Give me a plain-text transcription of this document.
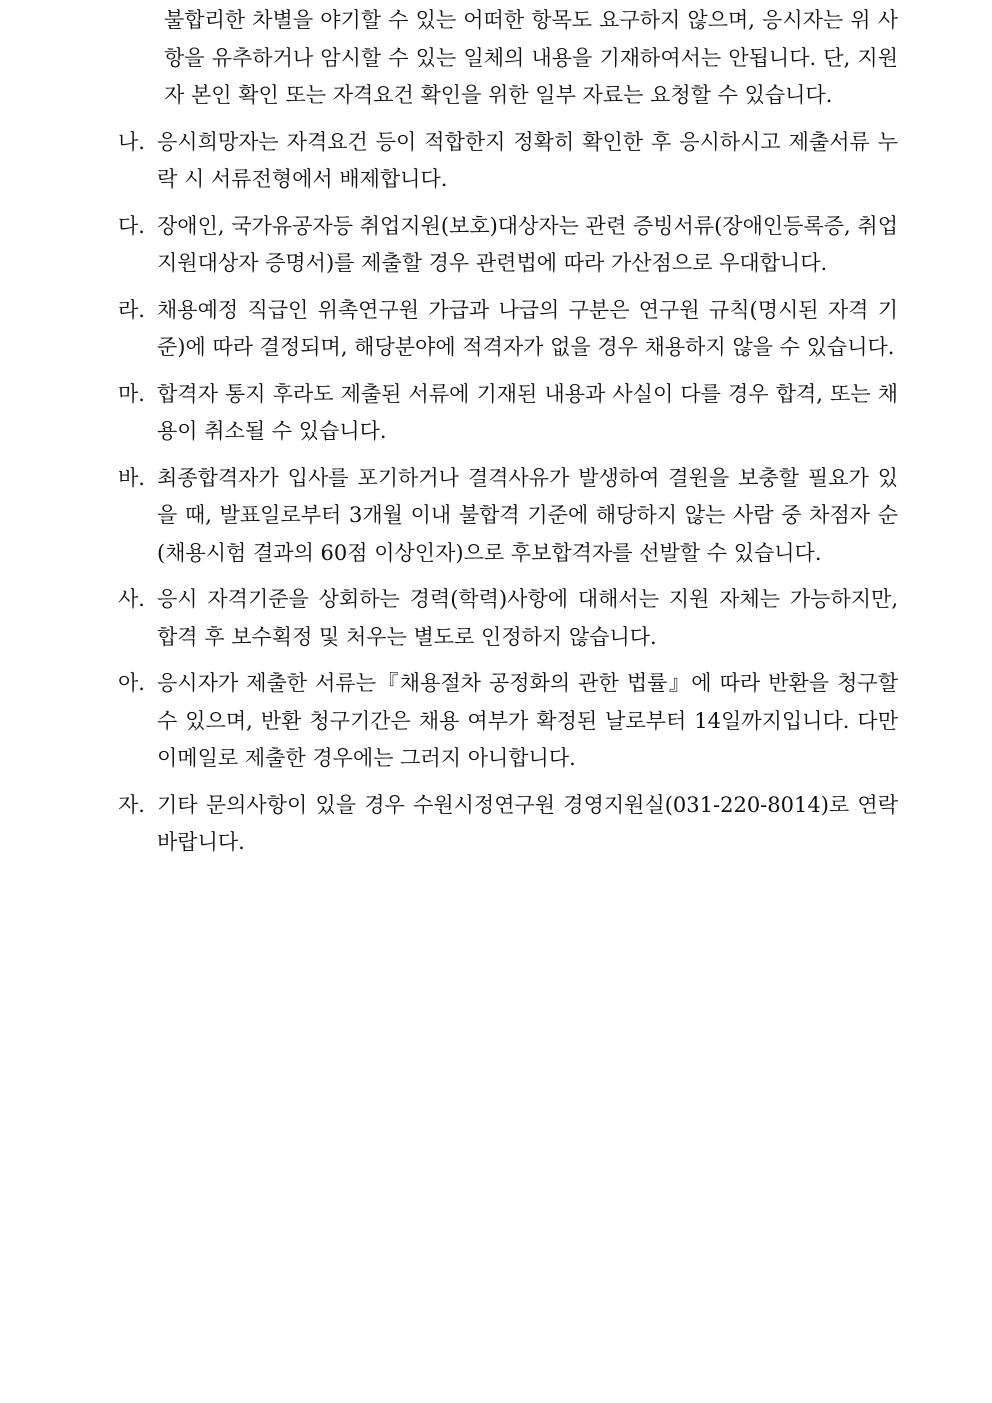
불합리한 차별을 야기할 수 있는 어떠한 항목도 요구하지 않으며, 응시자는 위 사항을 유추하거나 암시할 수 있는 일체의 내용을 기재하여서는 안됩니다. 단, 지원자 본인 확인 또는 자격요건 확인을 위한 일부 자료는 요청할 수 있습니다.
나. 응시희망자는 자격요건 등이 적합한지 정확히 확인한 후 응시하시고 제출서류 누락 시 서류전형에서 배제합니다.
다. 장애인, 국가유공자등 취업지원(보호)대상자는 관련 증빙서류(장애인등록증, 취업지원대상자 증명서)를 제출할 경우 관련법에 따라 가산점으로 우대합니다.
라. 채용예정 직급인 위촉연구원 가급과 나급의 구분은 연구원 규칙(명시된 자격 기준)에 따라 결정되며, 해당분야에 적격자가 없을 경우 채용하지 않을 수 있습니다.
마. 합격자 통지 후라도 제출된 서류에 기재된 내용과 사실이 다를 경우 합격, 또는 채용이 취소될 수 있습니다.
바. 최종합격자가 입사를 포기하거나 결격사유가 발생하여 결원을 보충할 필요가 있을 때, 발표일로부터 3개월 이내 불합격 기준에 해당하지 않는 사람 중 차점자 순(채용시험 결과의 60점 이상인자)으로 후보합격자를 선발할 수 있습니다.
사. 응시 자격기준을 상회하는 경력(학력)사항에 대해서는 지원 자체는 가능하지만, 합격 후 보수획정 및 처우는 별도로 인정하지 않습니다.
아. 응시자가 제출한 서류는『채용절차 공정화의 관한 법률』에 따라 반환을 청구할 수 있으며, 반환 청구기간은 채용 여부가 확정된 날로부터 14일까지입니다. 다만 이메일로 제출한 경우에는 그러지 아니합니다.
자. 기타 문의사항이 있을 경우 수원시정연구원 경영지원실(031-220-8014)로 연락 바랍니다.
